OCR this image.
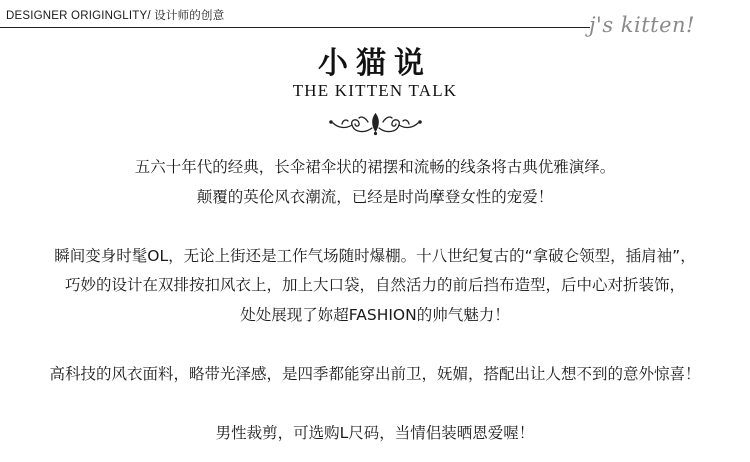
DESIGNER ORIGINGLITY/ 设计师的创意	j's kitten!
小猫说
THE KITTEN TALK
五六十年代的经典，长伞裙伞状的裙摆和流畅的线条将古典优雅演绎。
颠覆的英伦风衣潮流，已经是时尚摩登女性的宠爱！
瞬间变身时髦OL，无论上街还是工作气场随时爆棚。十八世纪复古的“拿破仑领型，插肩袖”，
巧妙的设计在双排按扣风衣上，加上大口袋，自然活力的前后挡布造型，后中心对折装饰，
处处展现了妳超FASHION的帅气魅力！
高科技的风衣面料，略带光泽感，是四季都能穿出前卫，妩媚，搭配出让人想不到的意外惊喜！
男性裁剪，可选购L尺码，当情侣装晒恩爱喔！
